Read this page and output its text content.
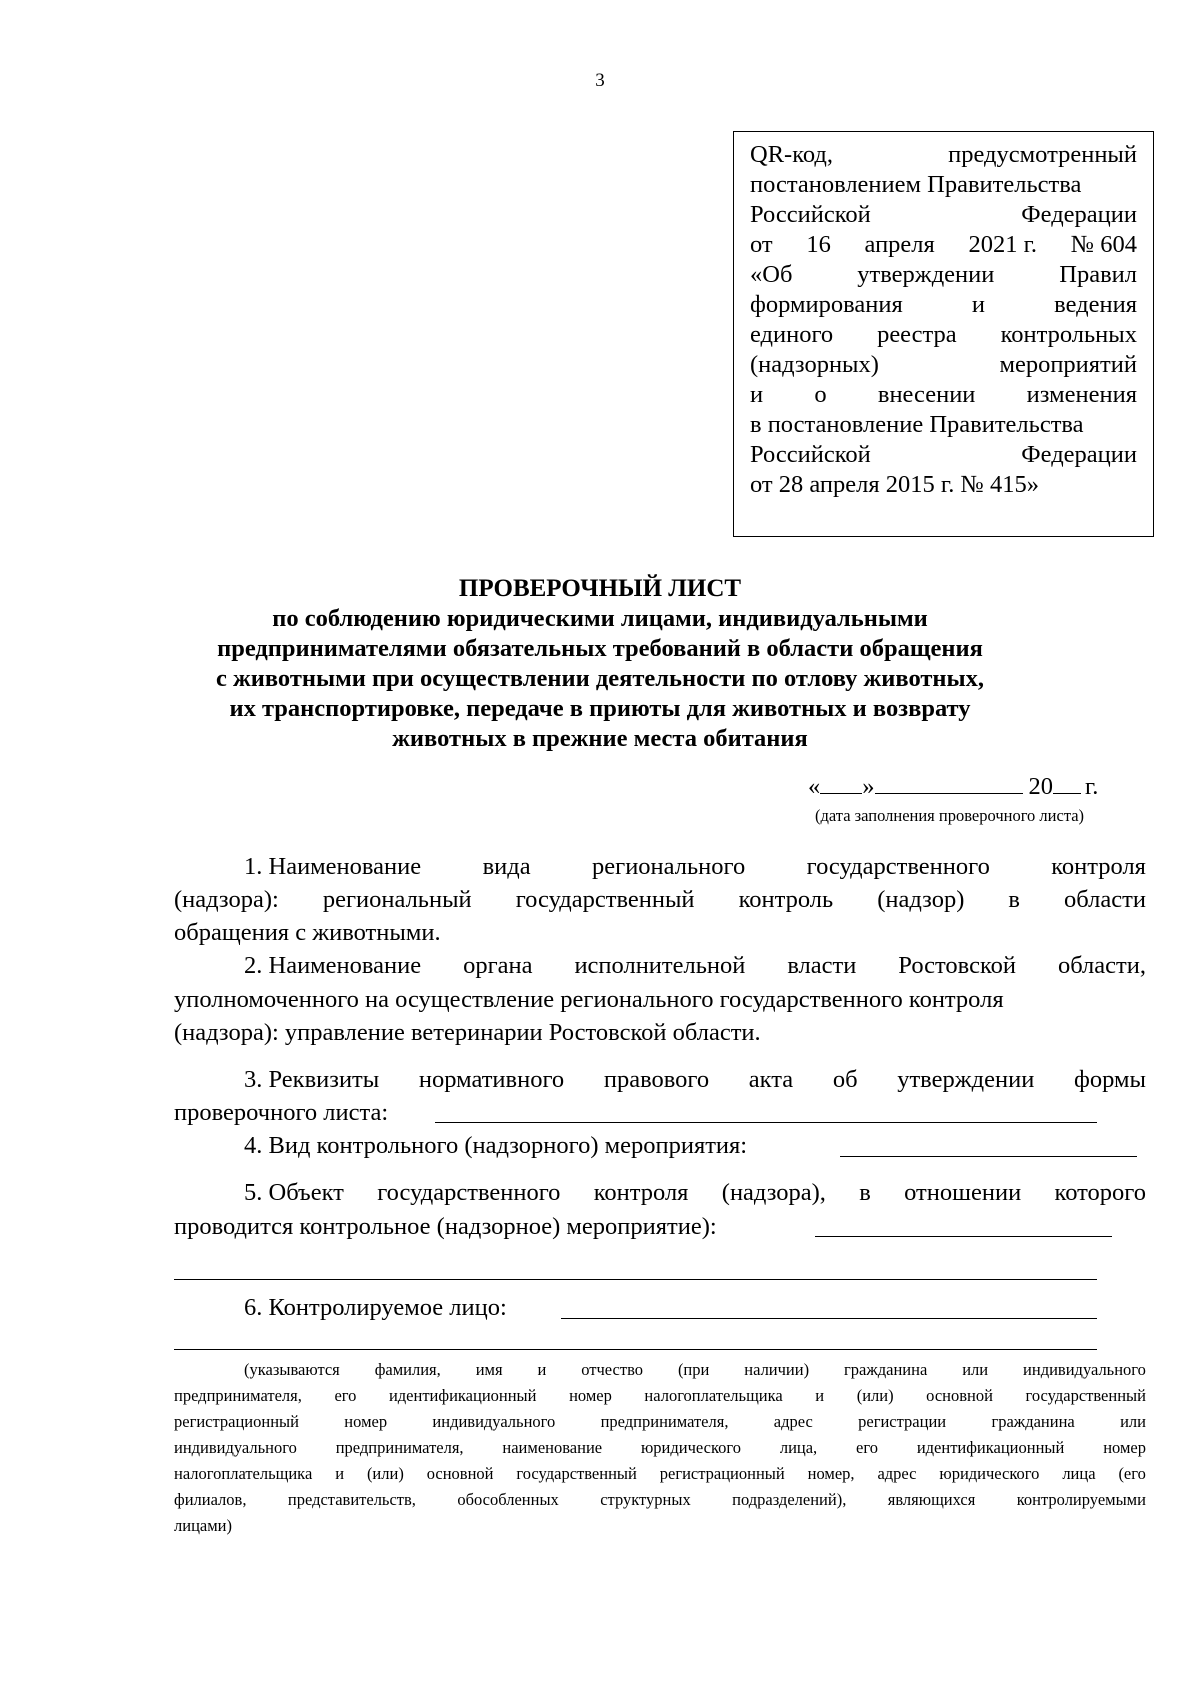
3
QR-код,	предусмотренный
постановлением Правительства
Российской	Федерации
от 16 апреля 2021 г. № 604
«Об	утверждении	Правил
формирования	и	ведения
единого реестра контрольных
(надзорных)	мероприятий
и о внесении изменения
в постановление Правительства
Российской	Федерации
от 28 апреля 2015 г. № 415»
ПРОВЕРОЧНЫЙ ЛИСТ
по соблюдению юридическими лицами, индивидуальными
предпринимателями обязательных требований в области обращения
с животными при осуществлении деятельности по отлову животных,
их транспортировке, передаче в приюты для животных и возврату
животных в прежние места обитания
« »	20 г.
(дата заполнения проверочного листа)
1. Наименование	вида	регионального	государственного	контроля
(надзора): региональный государственный контроль (надзор) в области
обращения с животными.
2. Наименование органа исполнительной власти Ростовской области,
уполномоченного на осуществление регионального государственного контроля
(надзора): управление ветеринарии Ростовской области.
3. Реквизиты нормативного правового акта об утверждении формы
проверочного листа:
4. Вид контрольного (надзорного) мероприятия:
5. Объект государственного контроля (надзора), в отношении которого
проводится контрольное (надзорное) мероприятие):
6. Контролируемое лицо:
(указываются фамилия, имя и отчество (при наличии) гражданина или индивидуального
предпринимателя, его идентификационный номер налогоплательщика и (или) основной государственный
регистрационный	номер	индивидуального	предпринимателя,	адрес	регистрации	гражданина	или
индивидуального предпринимателя, наименование юридического лица, его идентификационный номер
налогоплательщика и (или) основной государственный регистрационный номер, адрес юридического лица (его
филиалов,	представительств,	обособленных	структурных	подразделений),	являющихся	контролируемыми
лицами)
